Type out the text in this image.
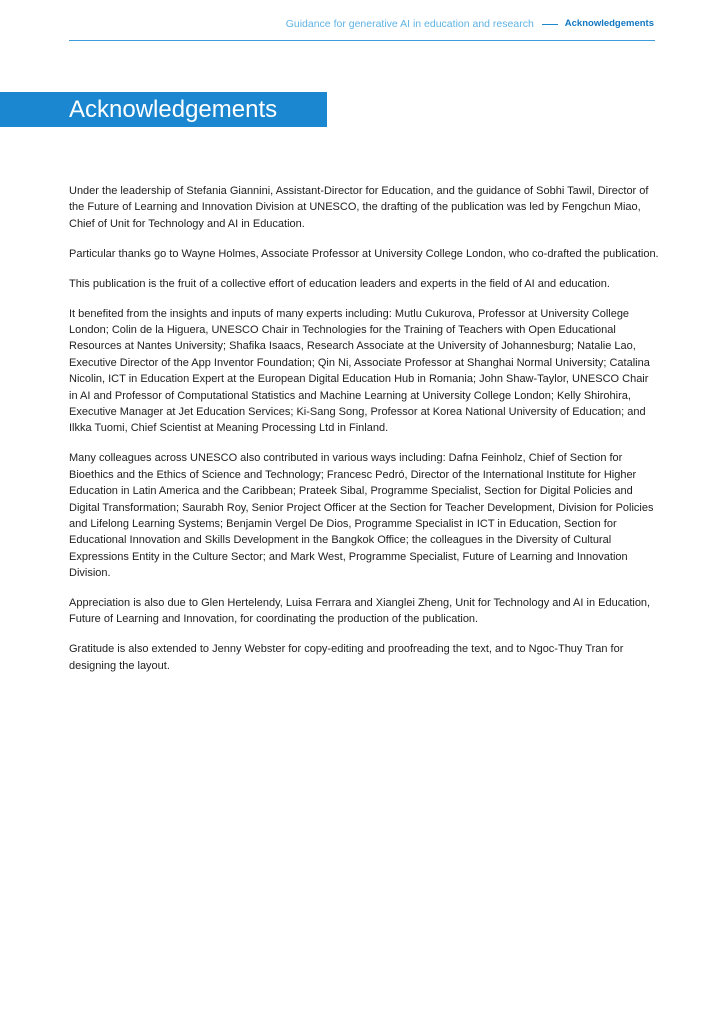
Guidance for generative AI in education and research	Acknowledgements
Acknowledgements

Under the leadership of Stefania Giannini, Assistant-Director for Education, and the guidance of Sobhi Tawil, Director of the Future of Learning and Innovation Division at UNESCO, the drafting of the publication was led by Fengchun Miao, Chief of Unit for Technology and AI in Education.

Particular thanks go to Wayne Holmes, Associate Professor at University College London, who co-drafted the publication.

This publication is the fruit of a collective effort of education leaders and experts in the field of AI and education.

It benefited from the insights and inputs of many experts including: Mutlu Cukurova, Professor at University College London; Colin de la Higuera, UNESCO Chair in Technologies for the Training of Teachers with Open Educational Resources at Nantes University; Shafika Isaacs, Research Associate at the University of Johannesburg; Natalie Lao, Executive Director of the App Inventor Foundation; Qin Ni, Associate Professor at Shanghai Normal University; Catalina Nicolin, ICT in Education Expert at the European Digital Education Hub in Romania; John Shaw-Taylor, UNESCO Chair in AI and Professor of Computational Statistics and Machine Learning at University College London; Kelly Shirohira, Executive Manager at Jet Education Services; Ki-Sang Song, Professor at Korea National University of Education; and Ilkka Tuomi, Chief Scientist at Meaning Processing Ltd in Finland.

Many colleagues across UNESCO also contributed in various ways including: Dafna Feinholz, Chief of Section for Bioethics and the Ethics of Science and Technology; Francesc Pedró, Director of the International Institute for Higher Education in Latin America and the Caribbean; Prateek Sibal, Programme Specialist, Section for Digital Policies and Digital Transformation; Saurabh Roy, Senior Project Officer at the Section for Teacher Development, Division for Policies and Lifelong Learning Systems; Benjamin Vergel De Dios, Programme Specialist in ICT in Education, Section for Educational Innovation and Skills Development in the Bangkok Office; the colleagues in the Diversity of Cultural Expressions Entity in the Culture Sector; and Mark West, Programme Specialist, Future of Learning and Innovation Division.

Appreciation is also due to Glen Hertelendy, Luisa Ferrara and Xianglei Zheng, Unit for Technology and AI in Education, Future of Learning and Innovation, for coordinating the production of the publication.

Gratitude is also extended to Jenny Webster for copy-editing and proofreading the text, and to Ngoc-Thuy Tran for designing the layout.
